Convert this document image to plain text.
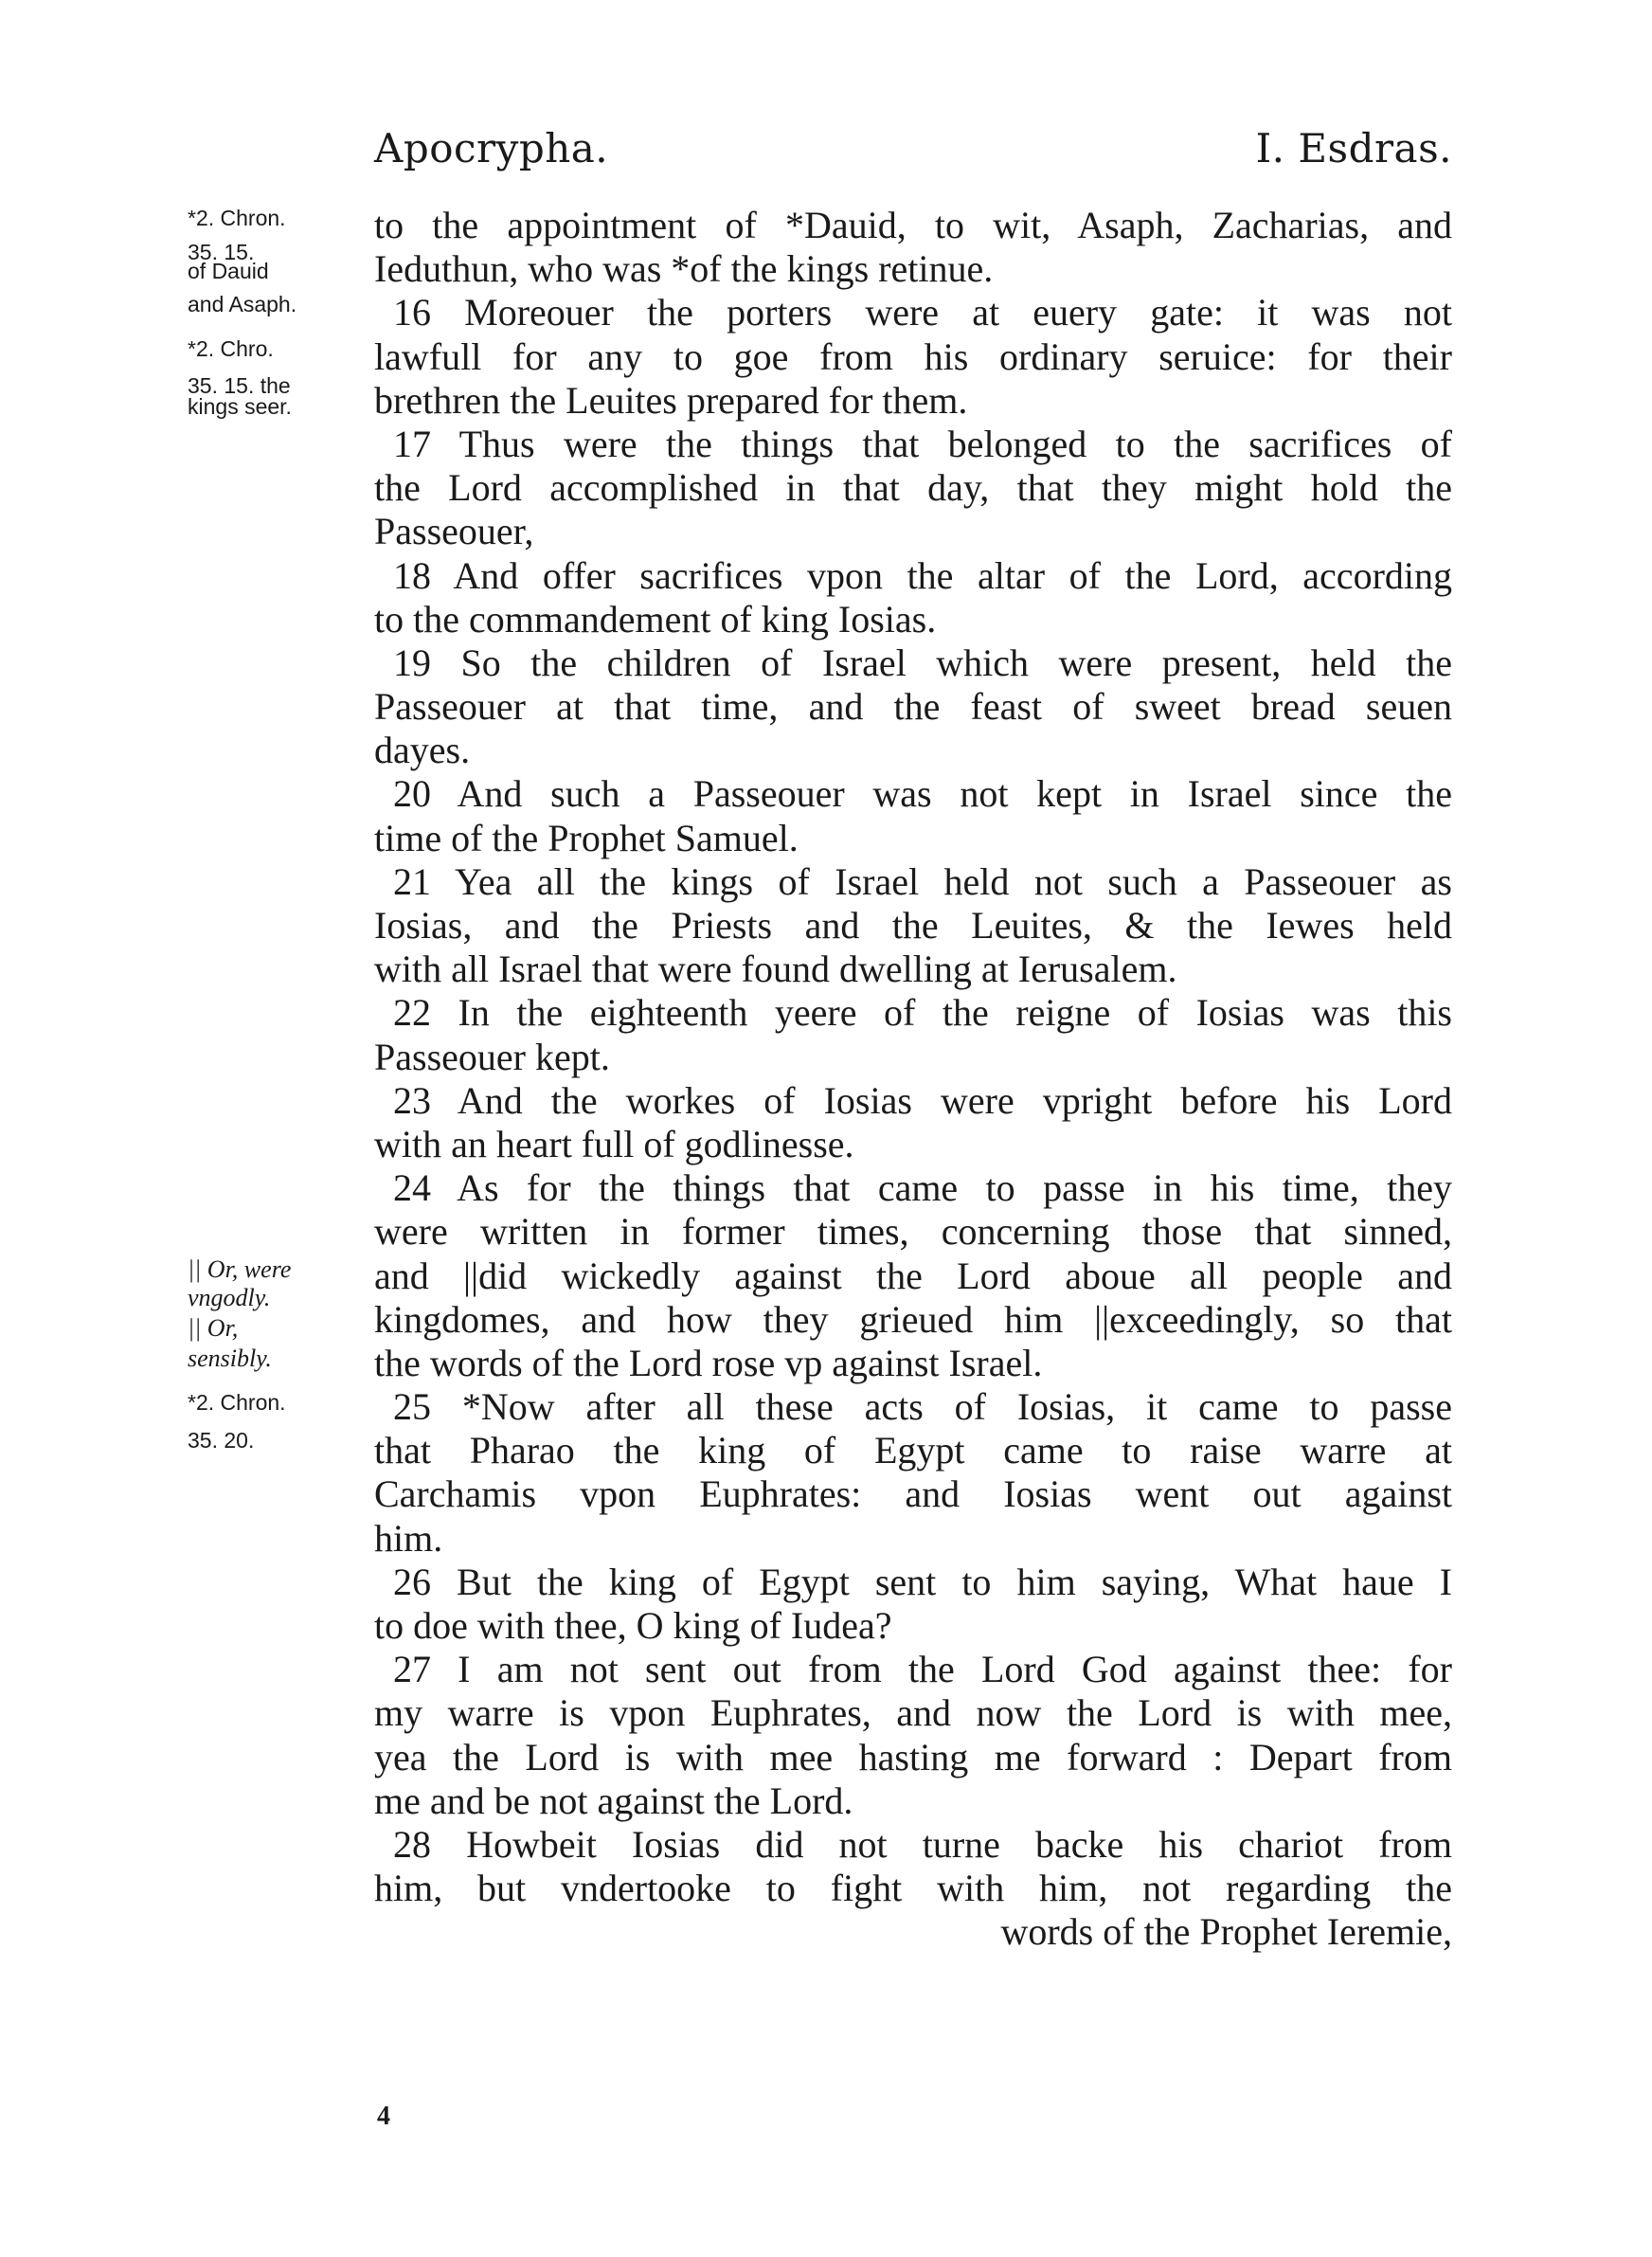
Apocrypha.	I. Esdras.
*2. Chron.
35. 15.
of Dauid
and Asaph.
*2. Chro.
35. 15. the
kings seer.
|| Or, were
vngodly.
|| Or,
sensibly.
*2. Chron.
35. 20.
to the appointment of *Dauid, to wit, Asaph, Zacharias, and
Ieduthun, who was *of the kings retinue.
16 Moreouer the porters were at euery gate: it was not
lawfull for any to goe from his ordinary seruice: for their
brethren the Leuites prepared for them.
17 Thus were the things that belonged to the sacrifices of
the Lord accomplished in that day, that they might hold the
Passeouer,
18 And offer sacrifices vpon the altar of the Lord, according
to the commandement of king Iosias.
19 So the children of Israel which were present, held the
Passeouer at that time, and the feast of sweet bread seuen
dayes.
20 And such a Passeouer was not kept in Israel since the
time of the Prophet Samuel.
21 Yea all the kings of Israel held not such a Passeouer as
Iosias, and the Priests and the Leuites, & the Iewes held
with all Israel that were found dwelling at Ierusalem.
22 In the eighteenth yeere of the reigne of Iosias was this
Passeouer kept.
23 And the workes of Iosias were vpright before his Lord
with an heart full of godlinesse.
24 As for the things that came to passe in his time, they
were written in former times, concerning those that sinned,
and ||did wickedly against the Lord aboue all people and
kingdomes, and how they grieued him ||exceedingly, so that
the words of the Lord rose vp against Israel.
25 *Now after all these acts of Iosias, it came to passe
that Pharao the king of Egypt came to raise warre at
Carchamis vpon Euphrates: and Iosias went out against
him.
26 But the king of Egypt sent to him saying, What haue I
to doe with thee, O king of Iudea?
27 I am not sent out from the Lord God against thee: for
my warre is vpon Euphrates, and now the Lord is with mee,
yea the Lord is with mee hasting me forward : Depart from
me and be not against the Lord.
28 Howbeit Iosias did not turne backe his chariot from
him, but vndertooke to fight with him, not regarding the
words of the Prophet Ieremie,
4
